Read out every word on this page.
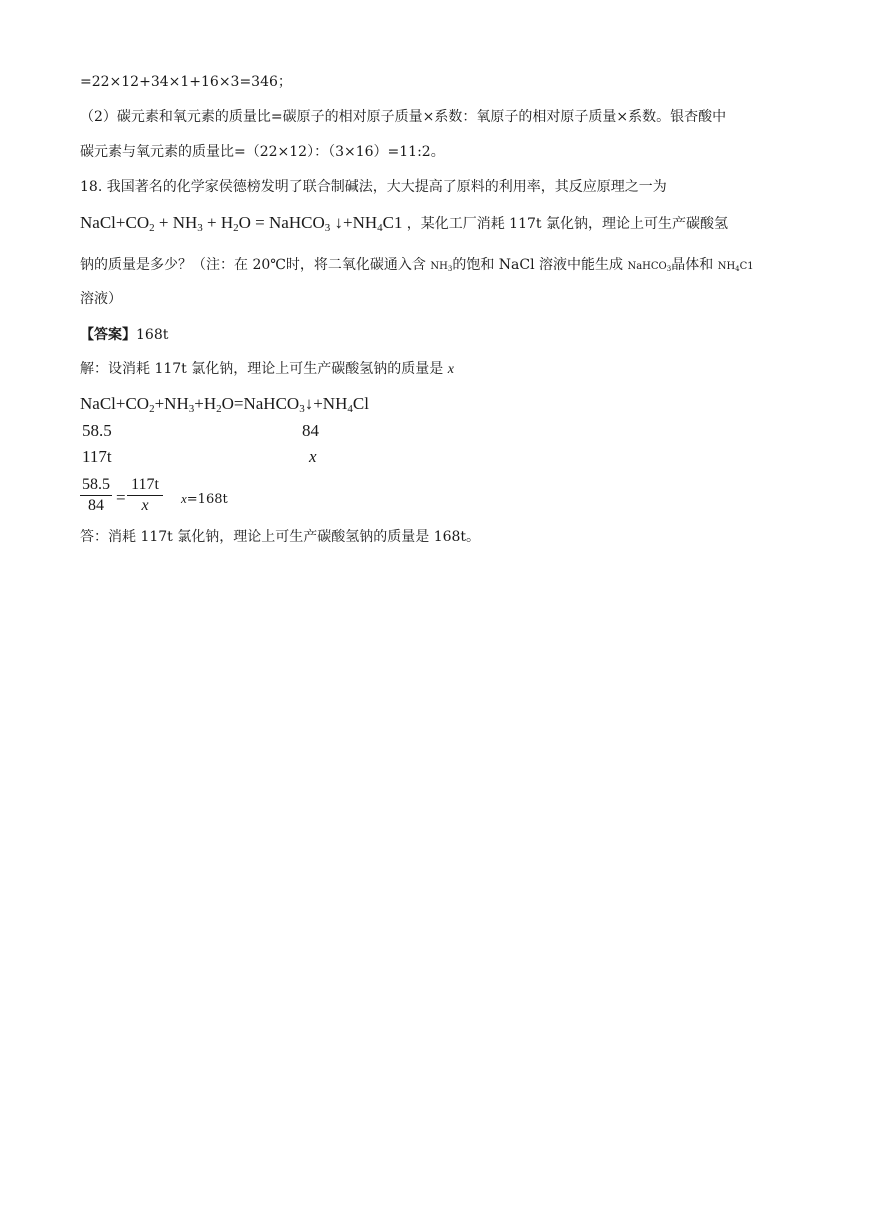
=22×12+34×1+16×3=346；
（2）碳元素和氧元素的质量比=碳原子的相对原子质量×系数：氧原子的相对原子质量×系数。银杏酸中
碳元素与氧元素的质量比=（22×12）：（3×16）=11:2。
18. 我国著名的化学家侯德榜发明了联合制碱法，大大提高了原料的利用率，其反应原理之一为
$NaCl+CO_2 + NH_3 + H_2O$ = NaHCO$_3$ $↓+NH_4C1$ ，某化工厂消耗 117t 氯化钠，理论上可生产碳酸氢
钠的质量是多少？（注：在 20℃时，将二氧化碳通入含 $NH_3$的饱和 NaCl 溶液中能生成 NaHCO$_3$晶体和 $NH_4C1$
溶液）
【答案】168t
解：设消耗 117t 氯化钠，理论上可生产碳酸氢钠的质量是 x
$NaCl+CO_2+NH_3+H_2O=NaHCO_3↓+NH_4Cl$
58.5	84
117t	x
58.5
84 =
117t
x	x=168t
答：消耗 117t 氯化钠，理论上可生产碳酸氢钠的质量是 168t。
